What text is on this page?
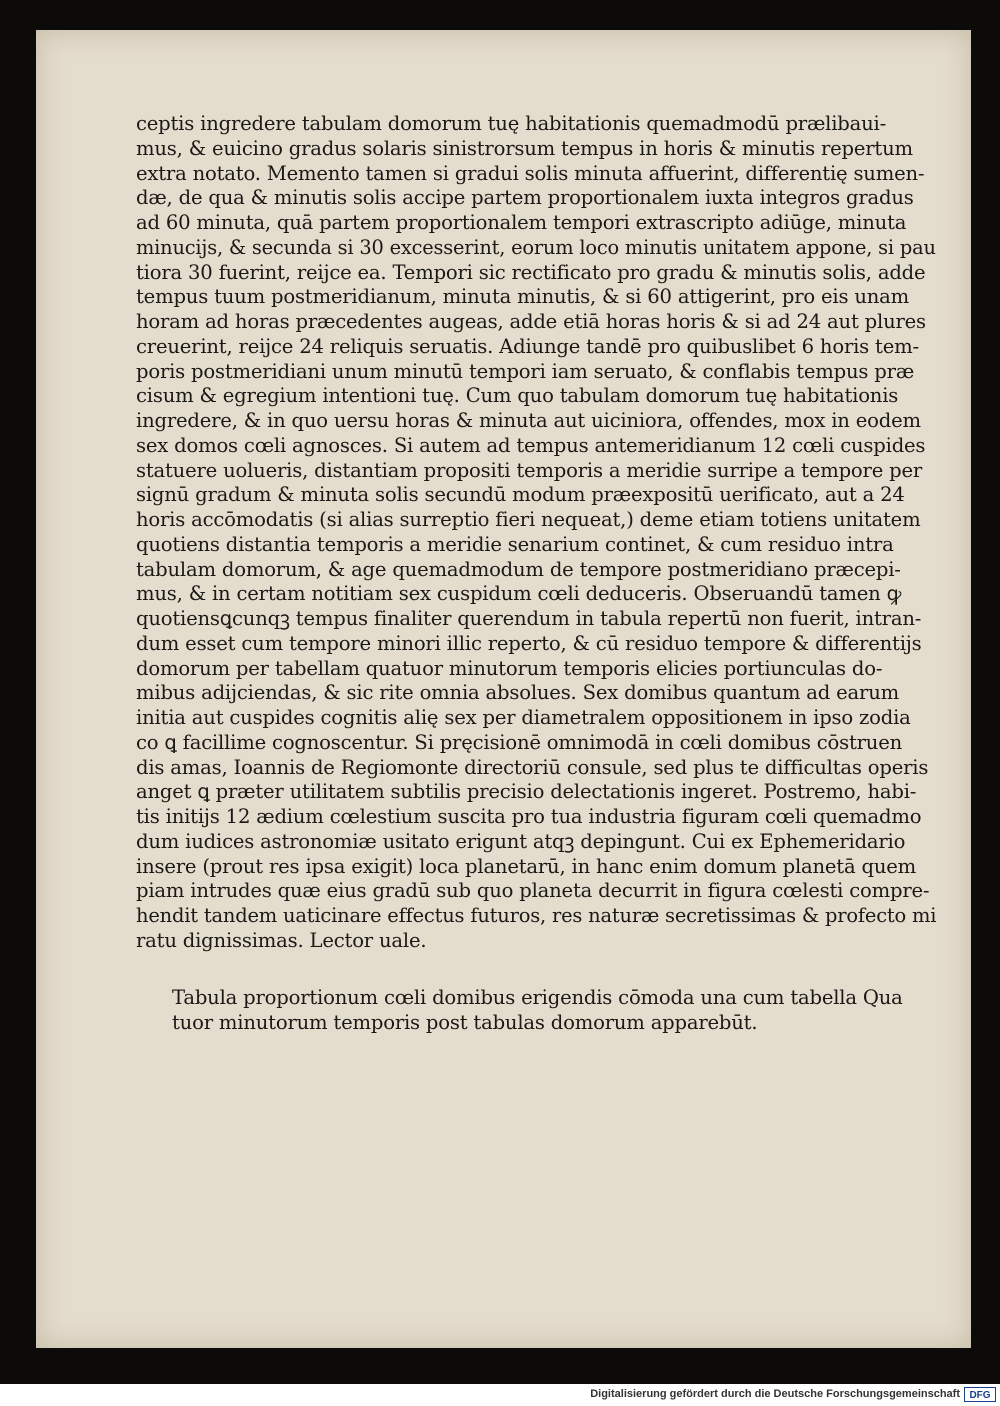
ceptis ingredere tabulam domorum tuę habitationis quemadmodū prælibaui-
mus, & euicino gradus solaris sinistrorsum tempus in horis & minutis repertum
extra notato. Memento tamen si gradui solis minuta affuerint, differentię sumen-
dæ, de qua & minutis solis accipe partem proportionalem iuxta integros gradus
ad 60 minuta, quā partem proportionalem tempori extrascripto adiūge, minuta
minucijs, & secunda si 30 excesserint, eorum loco minutis unitatem appone, si pau
tiora 30 fuerint, reijce ea. Tempori sic rectificato pro gradu & minutis solis, adde
tempus tuum postmeridianum, minuta minutis, & si 60 attigerint, pro eis unam
horam ad horas præcedentes augeas, adde etiā horas horis & si ad 24 aut plures
creuerint, reijce 24 reliquis seruatis. Adiunge tandē pro quibuslibet 6 horis tem-
poris postmeridiani unum minutū tempori iam seruato, & conflabis tempus præ
cisum & egregium intentioni tuę. Cum quo tabulam domorum tuę habitationis
ingredere, & in quo uersu horas & minuta aut uiciniora, offendes, mox in eodem
sex domos cœli agnosces. Si autem ad tempus antemeridianum 12 cœli cuspides
statuere uolueris, distantiam propositi temporis a meridie surripe a tempore per
signū gradum & minuta solis secundū modum præexpositū uerificato, aut a 24
horis accōmodatis (si alias surreptio fieri nequeat,) deme etiam totiens unitatem
quotiens distantia temporis a meridie senarium continet, & cum residuo intra
tabulam domorum, & age quemadmodum de tempore postmeridiano præcepi-
mus, & in certam notitiam sex cuspidum cœli deduceris. Obseruandū tamen ꝙ
quotiensꝗcunqꝫ tempus finaliter querendum in tabula repertū non fuerit, intran-
dum esset cum tempore minori illic reperto, & cū residuo tempore & differentijs
domorum per tabellam quatuor minutorum temporis elicies portiunculas do-
mibus adijciendas, & sic rite omnia absolues. Sex domibus quantum ad earum
initia aut cuspides cognitis alię sex per diametralem oppositionem in ipso zodia
co ꝗ facillime cognoscentur. Si pręcisionē omnimodā in cœli domibus cōstruen
dis amas, Ioannis de Regiomonte directoriū consule, sed plus te difficultas operis
anget ꝗ præter utilitatem subtilis precisio delectationis ingeret. Postremo, habi-
tis initijs 12 ædium cœlestium suscita pro tua industria figuram cœli quemadmo
dum iudices astronomiæ usitato erigunt atqꝫ depingunt. Cui ex Ephemeridario
insere (prout res ipsa exigit) loca planetarū, in hanc enim domum planetā quem
piam intrudes quæ eius gradū sub quo planeta decurrit in figura cœlesti compre-
hendit tandem uaticinare effectus futuros, res naturæ secretissimas & profecto mi
ratu dignissimas. Lector uale.
Tabula proportionum cœli domibus erigendis cōmoda una cum tabella Qua
tuor minutorum temporis post tabulas domorum apparebūt.
Digitalisierung gefördert durch die Deutsche Forschungsgemeinschaft DFG
